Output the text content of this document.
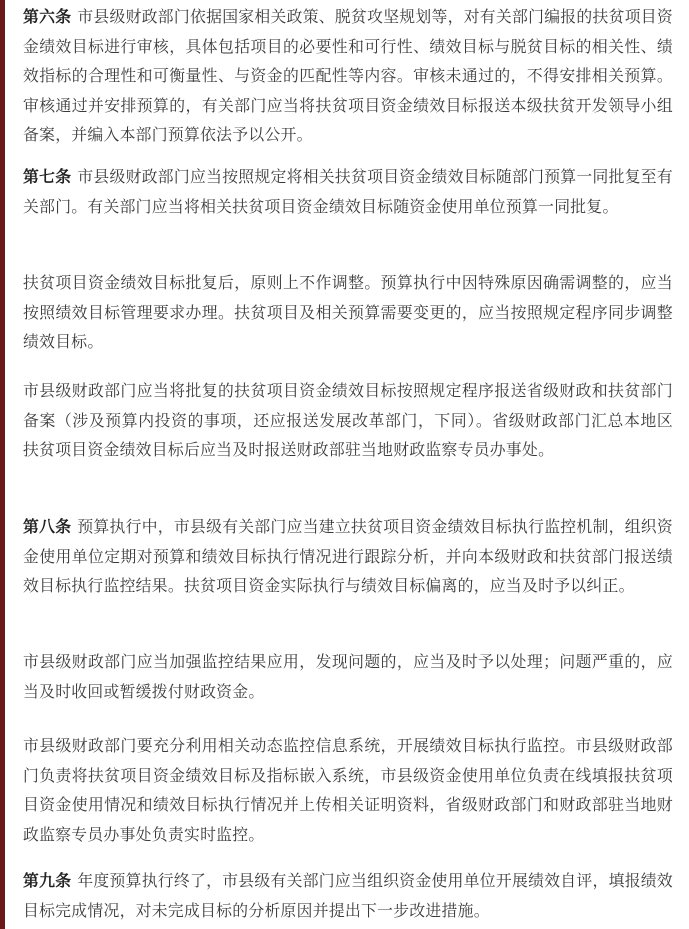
第六条 市县级财政部门依据国家相关政策、脱贫攻坚规划等，对有关部门编报的扶贫项目资金绩效目标进行审核，具体包括项目的必要性和可行性、绩效目标与脱贫目标的相关性、绩效指标的合理性和可衡量性、与资金的匹配性等内容。审核未通过的，不得安排相关预算。审核通过并安排预算的，有关部门应当将扶贫项目资金绩效目标报送本级扶贫开发领导小组备案，并编入本部门预算依法予以公开。

第七条 市县级财政部门应当按照规定将相关扶贫项目资金绩效目标随部门预算一同批复至有关部门。有关部门应当将相关扶贫项目资金绩效目标随资金使用单位预算一同批复。

扶贫项目资金绩效目标批复后，原则上不作调整。预算执行中因特殊原因确需调整的，应当按照绩效目标管理要求办理。扶贫项目及相关预算需要变更的，应当按照规定程序同步调整绩效目标。

市县级财政部门应当将批复的扶贫项目资金绩效目标按照规定程序报送省级财政和扶贫部门备案（涉及预算内投资的事项，还应报送发展改革部门，下同）。省级财政部门汇总本地区扶贫项目资金绩效目标后应当及时报送财政部驻当地财政监察专员办事处。

第八条 预算执行中，市县级有关部门应当建立扶贫项目资金绩效目标执行监控机制，组织资金使用单位定期对预算和绩效目标执行情况进行跟踪分析，并向本级财政和扶贫部门报送绩效目标执行监控结果。扶贫项目资金实际执行与绩效目标偏离的，应当及时予以纠正。

市县级财政部门应当加强监控结果应用，发现问题的，应当及时予以处理；问题严重的，应当及时收回或暂缓拨付财政资金。

市县级财政部门要充分利用相关动态监控信息系统，开展绩效目标执行监控。市县级财政部门负责将扶贫项目资金绩效目标及指标嵌入系统，市县级资金使用单位负责在线填报扶贫项目资金使用情况和绩效目标执行情况并上传相关证明资料，省级财政部门和财政部驻当地财政监察专员办事处负责实时监控。

第九条 年度预算执行终了，市县级有关部门应当组织资金使用单位开展绩效自评，填报绩效目标完成情况，对未完成目标的分析原因并提出下一步改进措施。
